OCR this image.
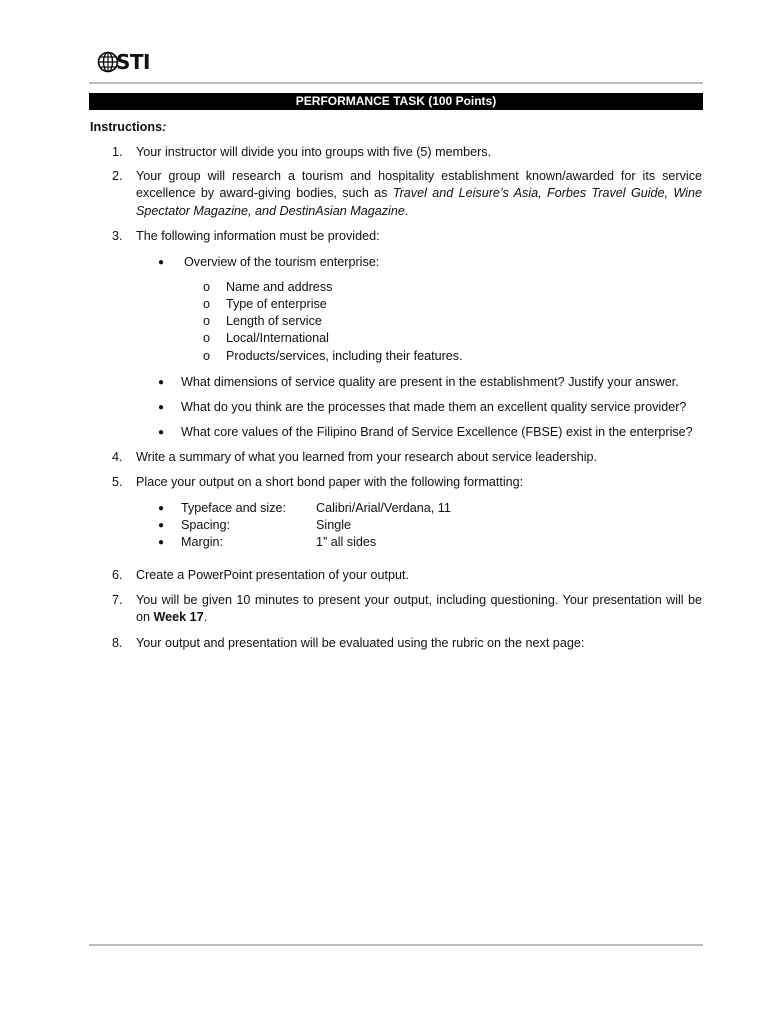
STI
PERFORMANCE TASK (100 Points)
Instructions:
1. Your instructor will divide you into groups with five (5) members.
2. Your group will research a tourism and hospitality establishment known/awarded for its service
excellence by award-giving bodies, such as Travel and Leisure’s Asia, Forbes Travel Guide, Wine
Spectator Magazine, and DestinAsian Magazine.
3. The following information must be provided:
● Overview of the tourism enterprise:
o Name and address
o Type of enterprise
o Length of service
o Local/International
o Products/services, including their features.
● What dimensions of service quality are present in the establishment? Justify your answer.
● What do you think are the processes that made them an excellent quality service provider?
● What core values of the Filipino Brand of Service Excellence (FBSE) exist in the enterprise?
4. Write a summary of what you learned from your research about service leadership.
5. Place your output on a short bond paper with the following formatting:
● Typeface and size: Calibri/Arial/Verdana, 11
● Spacing:	Single
● Margin:	1” all sides
6. Create a PowerPoint presentation of your output.
7. You will be given 10 minutes to present your output, including questioning. Your presentation will be
on Week 17.
8. Your output and presentation will be evaluated using the rubric on the next page:
